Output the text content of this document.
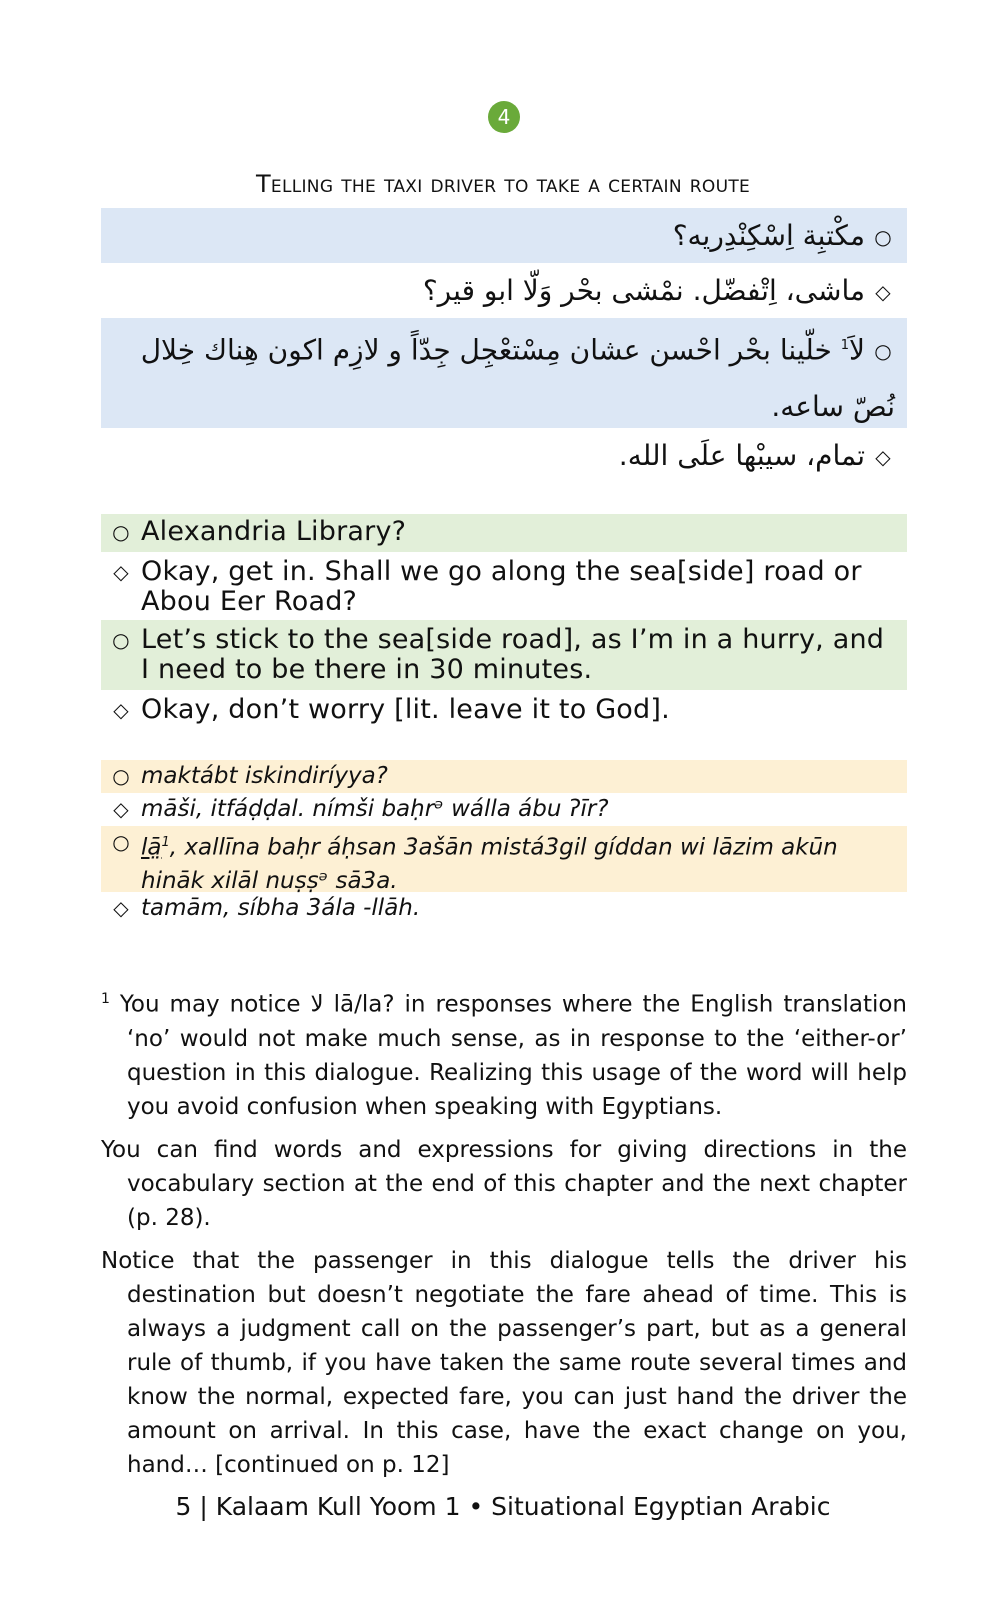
4
Telling the taxi driver to take a certain route
○مكْتبِة اِسْكِنْدِريه؟
◇ماشى، اِتْفضّل. نمْشى بحْر وَلّا ابو قير؟
○لاَ$^1$ خلّينا بحْر احْسن عشان مِسْتعْجِل جِدّاً و لازِم اكون هِناك خِلال نُصّ ساعه.
◇تمام، سيبْها علَى الله.
○ Alexandria Library?
◇ Okay, get in. Shall we go along the sea[side] road or Abou Eer Road?
○ Let’s stick to the sea[side road], as I’m in a hurry, and I need to be there in 30 minutes.
◇ Okay, don’t worry [lit. leave it to God].
○ maktábt iskindiríyya?
◇ māši, itfáḍḍal. nímši baḥrᵊ wálla ábu ʔīr?
○ lā̤$^1$, xallīna baḥr áḥsan 3ašān mistá3gil gíddan wi lāzim akūn hināk xilāl nuṣṣᵊ sā3a.
◇ tamām, síbha 3ála -llāh.

$^1$ You may notice لا lā/la? in responses where the English translation ‘no’ would not make much sense, as in response to the ‘either-or’ question in this dialogue. Realizing this usage of the word will help you avoid confusion when speaking with Egyptians.

You can find words and expressions for giving directions in the vocabulary section at the end of this chapter and the next chapter (p. 28).

Notice that the passenger in this dialogue tells the driver his destination but doesn’t negotiate the fare ahead of time. This is always a judgment call on the passenger’s part, but as a general rule of thumb, if you have taken the same route several times and know the normal, expected fare, you can just hand the driver the amount on arrival. In this case, have the exact change on you, hand… [continued on p. 12]

5 | Kalaam Kull Yoom 1 • Situational Egyptian Arabic
